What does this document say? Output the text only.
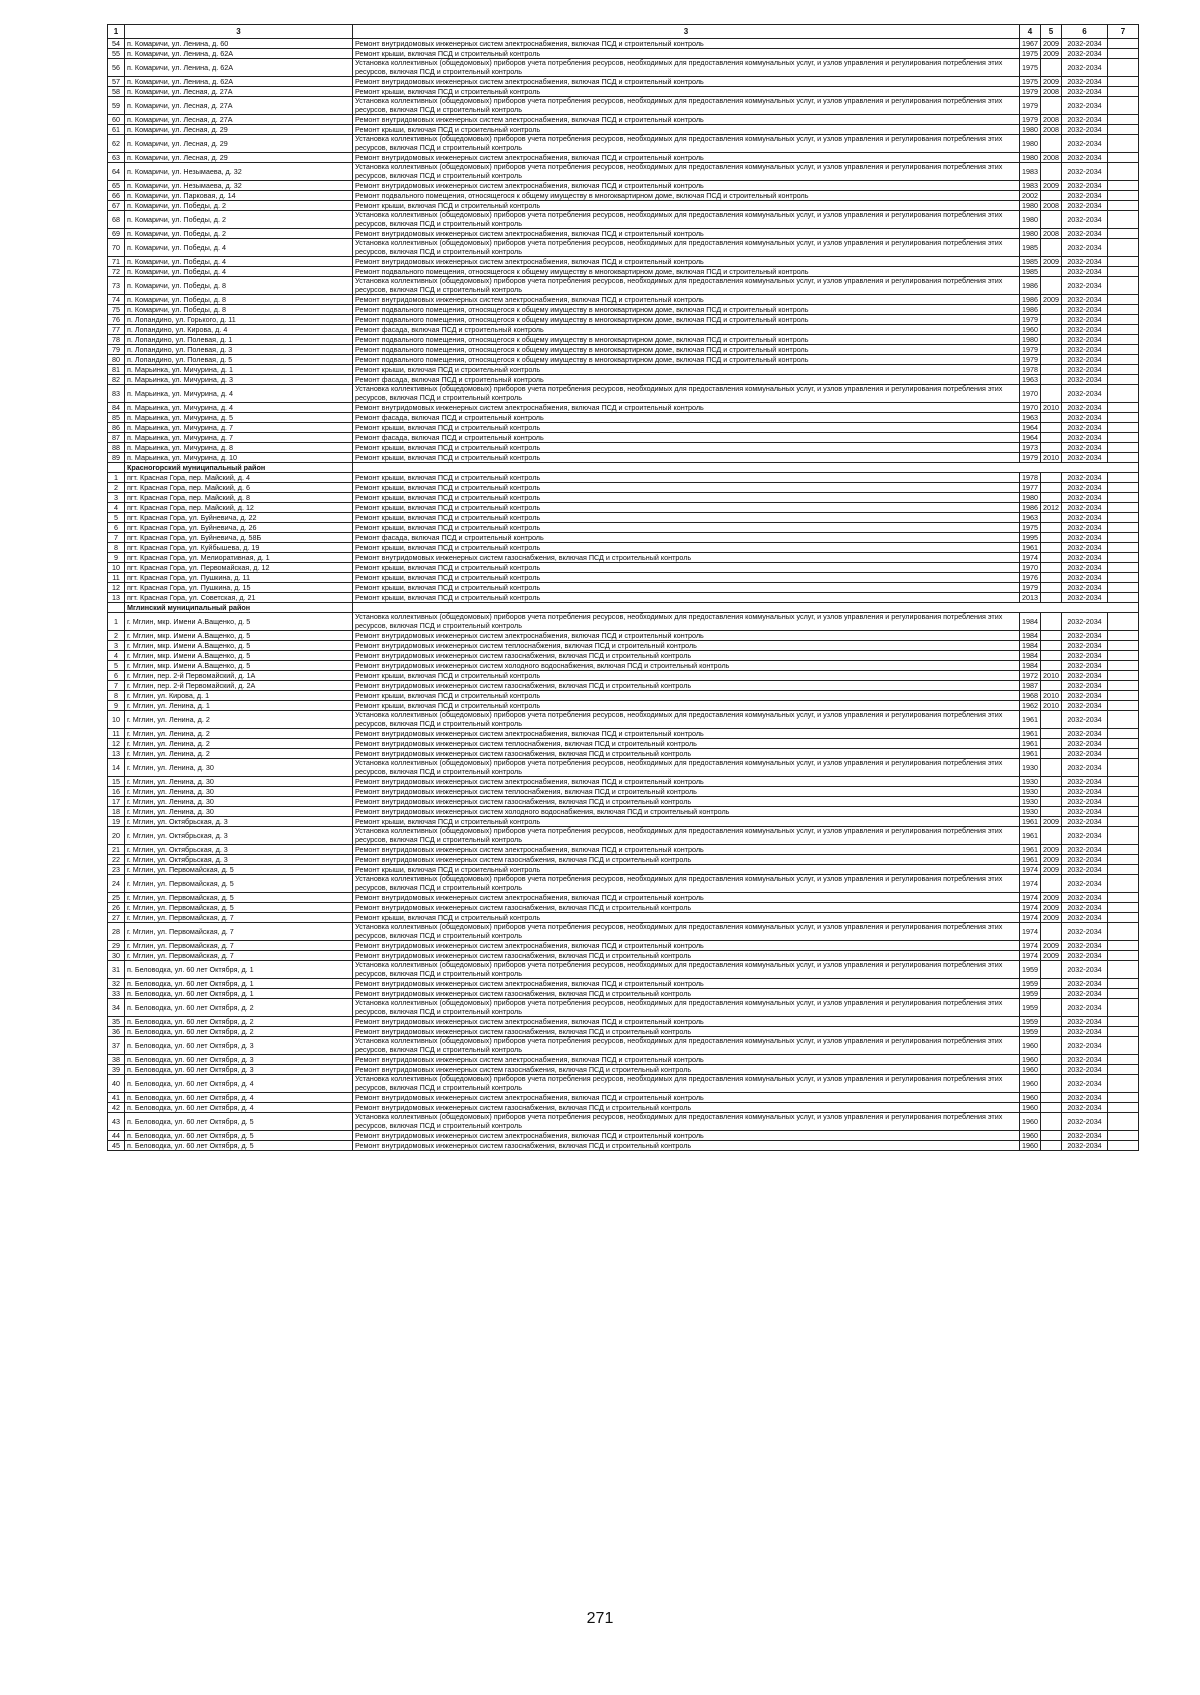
1	3	3	4	5	6	7
54	п. Комаричи, ул. Ленина, д. 60	Ремонт внутридомовых инженерных систем электроснабжения, включая ПСД и строительный контроль	1967	2009	2032-2034	
55	п. Комаричи, ул. Ленина, д. 62А	Ремонт крыши, включая ПСД и строительный контроль	1975	2009	2032-2034	
56	п. Комаричи, ул. Ленина, д. 62А	Установка коллективных (общедомовых) приборов учета потребления ресурсов, необходимых для предоставления коммунальных услуг, и узлов управления и регулирования потребления этих ресурсов, включая ПСД и строительный контроль	1975		2032-2034	
57	п. Комаричи, ул. Ленина, д. 62А	Ремонт внутридомовых инженерных систем электроснабжения, включая ПСД и строительный контроль	1975	2009	2032-2034	
58	п. Комаричи, ул. Лесная, д. 27А	Ремонт крыши, включая ПСД и строительный контроль	1979	2008	2032-2034	
59	п. Комаричи, ул. Лесная, д. 27А	Установка коллективных (общедомовых) приборов учета потребления ресурсов, необходимых для предоставления коммунальных услуг, и узлов управления и регулирования потребления этих ресурсов, включая ПСД и строительный контроль	1979		2032-2034	
60	п. Комаричи, ул. Лесная, д. 27А	Ремонт внутридомовых инженерных систем электроснабжения, включая ПСД и строительный контроль	1979	2008	2032-2034	
61	п. Комаричи, ул. Лесная, д. 29	Ремонт крыши, включая ПСД и строительный контроль	1980	2008	2032-2034	
62	п. Комаричи, ул. Лесная, д. 29	Установка коллективных (общедомовых) приборов учета потребления ресурсов, необходимых для предоставления коммунальных услуг, и узлов управления и регулирования потребления этих ресурсов, включая ПСД и строительный контроль	1980		2032-2034	
63	п. Комаричи, ул. Лесная, д. 29	Ремонт внутридомовых инженерных систем электроснабжения, включая ПСД и строительный контроль	1980	2008	2032-2034	
64	п. Комаричи, ул. Незымаева, д. 32	Установка коллективных (общедомовых) приборов учета потребления ресурсов, необходимых для предоставления коммунальных услуг, и узлов управления и регулирования потребления этих ресурсов, включая ПСД и строительный контроль	1983		2032-2034	
65	п. Комаричи, ул. Незымаева, д. 32	Ремонт внутридомовых инженерных систем электроснабжения, включая ПСД и строительный контроль	1983	2009	2032-2034	
66	п. Комаричи, ул. Парковая, д. 14	Ремонт подвального помещения, относящегося к общему имуществу в многоквартирном доме, включая ПСД и строительный контроль	2002		2032-2034	
67	п. Комаричи, ул. Победы, д. 2	Ремонт крыши, включая ПСД и строительный контроль	1980	2008	2032-2034	
68	п. Комаричи, ул. Победы, д. 2	Установка коллективных (общедомовых) приборов учета потребления ресурсов, необходимых для предоставления коммунальных услуг, и узлов управления и регулирования потребления этих ресурсов, включая ПСД и строительный контроль	1980		2032-2034	
69	п. Комаричи, ул. Победы, д. 2	Ремонт внутридомовых инженерных систем электроснабжения, включая ПСД и строительный контроль	1980	2008	2032-2034	
70	п. Комаричи, ул. Победы, д. 4	Установка коллективных (общедомовых) приборов учета потребления ресурсов, необходимых для предоставления коммунальных услуг, и узлов управления и регулирования потребления этих ресурсов, включая ПСД и строительный контроль	1985		2032-2034	
71	п. Комаричи, ул. Победы, д. 4	Ремонт внутридомовых инженерных систем электроснабжения, включая ПСД и строительный контроль	1985	2009	2032-2034	
72	п. Комаричи, ул. Победы, д. 4	Ремонт подвального помещения, относящегося к общему имуществу в многоквартирном доме, включая ПСД и строительный контроль	1985		2032-2034	
73	п. Комаричи, ул. Победы, д. 8	Установка коллективных (общедомовых) приборов учета потребления ресурсов, необходимых для предоставления коммунальных услуг, и узлов управления и регулирования потребления этих ресурсов, включая ПСД и строительный контроль	1986		2032-2034	
74	п. Комаричи, ул. Победы, д. 8	Ремонт внутридомовых инженерных систем электроснабжения, включая ПСД и строительный контроль	1986	2009	2032-2034	
75	п. Комаричи, ул. Победы, д. 8	Ремонт подвального помещения, относящегося к общему имуществу в многоквартирном доме, включая ПСД и строительный контроль	1986		2032-2034	
76	п. Лопандино, ул. Горького, д. 11	Ремонт подвального помещения, относящегося к общему имуществу в многоквартирном доме, включая ПСД и строительный контроль	1979		2032-2034	
77	п. Лопандино, ул. Кирова, д. 4	Ремонт фасада, включая ПСД и строительный контроль	1960		2032-2034	
78	п. Лопандино, ул. Полевая, д. 1	Ремонт подвального помещения, относящегося к общему имуществу в многоквартирном доме, включая ПСД и строительный контроль	1980		2032-2034	
79	п. Лопандино, ул. Полевая, д. 3	Ремонт подвального помещения, относящегося к общему имуществу в многоквартирном доме, включая ПСД и строительный контроль	1979		2032-2034	
80	п. Лопандино, ул. Полевая, д. 5	Ремонт подвального помещения, относящегося к общему имуществу в многоквартирном доме, включая ПСД и строительный контроль	1979		2032-2034	
81	п. Марьинка, ул. Мичурина, д. 1	Ремонт крыши, включая ПСД и строительный контроль	1978		2032-2034	
82	п. Марьинка, ул. Мичурина, д. 3	Ремонт фасада, включая ПСД и строительный контроль	1963		2032-2034	
83	п. Марьинка, ул. Мичурина, д. 4	Установка коллективных (общедомовых) приборов учета потребления ресурсов, необходимых для предоставления коммунальных услуг, и узлов управления и регулирования потребления этих ресурсов, включая ПСД и строительный контроль	1970		2032-2034	
84	п. Марьинка, ул. Мичурина, д. 4	Ремонт внутридомовых инженерных систем электроснабжения, включая ПСД и строительный контроль	1970	2010	2032-2034	
85	п. Марьинка, ул. Мичурина, д. 5	Ремонт фасада, включая ПСД и строительный контроль	1963		2032-2034	
86	п. Марьинка, ул. Мичурина, д. 7	Ремонт крыши, включая ПСД и строительный контроль	1964		2032-2034	
87	п. Марьинка, ул. Мичурина, д. 7	Ремонт фасада, включая ПСД и строительный контроль	1964		2032-2034	
88	п. Марьинка, ул. Мичурина, д. 8	Ремонт крыши, включая ПСД и строительный контроль	1973		2032-2034	
89	п. Марьинка, ул. Мичурина, д. 10	Ремонт крыши, включая ПСД и строительный контроль	1979	2010	2032-2034	
	Красногорский муниципальный район					
1	пгт. Красная Гора, пер. Майский, д. 4	Ремонт крыши, включая ПСД и строительный контроль	1978		2032-2034	
2	пгт. Красная Гора, пер. Майский, д. 6	Ремонт крыши, включая ПСД и строительный контроль	1977		2032-2034	
3	пгт. Красная Гора, пер. Майский, д. 8	Ремонт крыши, включая ПСД и строительный контроль	1980		2032-2034	
4	пгт. Красная Гора, пер. Майский, д. 12	Ремонт крыши, включая ПСД и строительный контроль	1986	2012	2032-2034	
5	пгт. Красная Гора, ул. Буйневича, д. 22	Ремонт крыши, включая ПСД и строительный контроль	1963		2032-2034	
6	пгт. Красная Гора, ул. Буйневича, д. 26	Ремонт крыши, включая ПСД и строительный контроль	1975		2032-2034	
7	пгт. Красная Гора, ул. Буйневича, д. 58Б	Ремонт фасада, включая ПСД и строительный контроль	1995		2032-2034	
8	пгт. Красная Гора, ул. Куйбышева, д. 19	Ремонт крыши, включая ПСД и строительный контроль	1961		2032-2034	
9	пгт. Красная Гора, ул. Мелиоративная, д. 1	Ремонт внутридомовых инженерных систем газоснабжения, включая ПСД и строительный контроль	1974		2032-2034	
10	пгт. Красная Гора, ул. Первомайская, д. 12	Ремонт крыши, включая ПСД и строительный контроль	1970		2032-2034	
11	пгт. Красная Гора, ул. Пушкина, д. 11	Ремонт крыши, включая ПСД и строительный контроль	1976		2032-2034	
12	пгт. Красная Гора, ул. Пушкина, д. 15	Ремонт крыши, включая ПСД и строительный контроль	1979		2032-2034	
13	пгт. Красная Гора, ул. Советская, д. 21	Ремонт крыши, включая ПСД и строительный контроль	2013		2032-2034	
	Мглинский муниципальный район					
1	г. Мглин, мкр. Имени А.Ващенко, д. 5	Установка коллективных (общедомовых) приборов учета потребления ресурсов, необходимых для предоставления коммунальных услуг, и узлов управления и регулирования потребления этих ресурсов, включая ПСД и строительный контроль	1984		2032-2034	
2	г. Мглин, мкр. Имени А.Ващенко, д. 5	Ремонт внутридомовых инженерных систем электроснабжения, включая ПСД и строительный контроль	1984		2032-2034	
3	г. Мглин, мкр. Имени А.Ващенко, д. 5	Ремонт внутридомовых инженерных систем теплоснабжения, включая ПСД и строительный контроль	1984		2032-2034	
4	г. Мглин, мкр. Имени А.Ващенко, д. 5	Ремонт внутридомовых инженерных систем газоснабжения, включая ПСД и строительный контроль	1984		2032-2034	
5	г. Мглин, мкр. Имени А.Ващенко, д. 5	Ремонт внутридомовых инженерных систем холодного водоснабжения, включая ПСД и строительный контроль	1984		2032-2034	
6	г. Мглин, пер. 2-й Первомайский, д. 1А	Ремонт крыши, включая ПСД и строительный контроль	1972	2010	2032-2034	
7	г. Мглин, пер. 2-й Первомайский, д. 2А	Ремонт внутридомовых инженерных систем газоснабжения, включая ПСД и строительный контроль	1987		2032-2034	
8	г. Мглин, ул. Кирова, д. 1	Ремонт крыши, включая ПСД и строительный контроль	1968	2010	2032-2034	
9	г. Мглин, ул. Ленина, д. 1	Ремонт крыши, включая ПСД и строительный контроль	1962	2010	2032-2034	
10	г. Мглин, ул. Ленина, д. 2	Установка коллективных (общедомовых) приборов учета потребления ресурсов, необходимых для предоставления коммунальных услуг, и узлов управления и регулирования потребления этих ресурсов, включая ПСД и строительный контроль	1961		2032-2034	
11	г. Мглин, ул. Ленина, д. 2	Ремонт внутридомовых инженерных систем электроснабжения, включая ПСД и строительный контроль	1961		2032-2034	
12	г. Мглин, ул. Ленина, д. 2	Ремонт внутридомовых инженерных систем теплоснабжения, включая ПСД и строительный контроль	1961		2032-2034	
13	г. Мглин, ул. Ленина, д. 2	Ремонт внутридомовых инженерных систем газоснабжения, включая ПСД и строительный контроль	1961		2032-2034	
14	г. Мглин, ул. Ленина, д. 30	Установка коллективных (общедомовых) приборов учета потребления ресурсов, необходимых для предоставления коммунальных услуг, и узлов управления и регулирования потребления этих ресурсов, включая ПСД и строительный контроль	1930		2032-2034	
15	г. Мглин, ул. Ленина, д. 30	Ремонт внутридомовых инженерных систем электроснабжения, включая ПСД и строительный контроль	1930		2032-2034	
16	г. Мглин, ул. Ленина, д. 30	Ремонт внутридомовых инженерных систем теплоснабжения, включая ПСД и строительный контроль	1930		2032-2034	
17	г. Мглин, ул. Ленина, д. 30	Ремонт внутридомовых инженерных систем газоснабжения, включая ПСД и строительный контроль	1930		2032-2034	
18	г. Мглин, ул. Ленина, д. 30	Ремонт внутридомовых инженерных систем холодного водоснабжения, включая ПСД и строительный контроль	1930		2032-2034	
19	г. Мглин, ул. Октябрьская, д. 3	Ремонт крыши, включая ПСД и строительный контроль	1961	2009	2032-2034	
20	г. Мглин, ул. Октябрьская, д. 3	Установка коллективных (общедомовых) приборов учета потребления ресурсов, необходимых для предоставления коммунальных услуг, и узлов управления и регулирования потребления этих ресурсов, включая ПСД и строительный контроль	1961		2032-2034	
21	г. Мглин, ул. Октябрьская, д. 3	Ремонт внутридомовых инженерных систем электроснабжения, включая ПСД и строительный контроль	1961	2009	2032-2034	
22	г. Мглин, ул. Октябрьская, д. 3	Ремонт внутридомовых инженерных систем газоснабжения, включая ПСД и строительный контроль	1961	2009	2032-2034	
23	г. Мглин, ул. Первомайская, д. 5	Ремонт крыши, включая ПСД и строительный контроль	1974	2009	2032-2034	
24	г. Мглин, ул. Первомайская, д. 5	Установка коллективных (общедомовых) приборов учета потребления ресурсов, необходимых для предоставления коммунальных услуг, и узлов управления и регулирования потребления этих ресурсов, включая ПСД и строительный контроль	1974		2032-2034	
25	г. Мглин, ул. Первомайская, д. 5	Ремонт внутридомовых инженерных систем электроснабжения, включая ПСД и строительный контроль	1974	2009	2032-2034	
26	г. Мглин, ул. Первомайская, д. 5	Ремонт внутридомовых инженерных систем газоснабжения, включая ПСД и строительный контроль	1974	2009	2032-2034	
27	г. Мглин, ул. Первомайская, д. 7	Ремонт крыши, включая ПСД и строительный контроль	1974	2009	2032-2034	
28	г. Мглин, ул. Первомайская, д. 7	Установка коллективных (общедомовых) приборов учета потребления ресурсов, необходимых для предоставления коммунальных услуг, и узлов управления и регулирования потребления этих ресурсов, включая ПСД и строительный контроль	1974		2032-2034	
29	г. Мглин, ул. Первомайская, д. 7	Ремонт внутридомовых инженерных систем электроснабжения, включая ПСД и строительный контроль	1974	2009	2032-2034	
30	г. Мглин, ул. Первомайская, д. 7	Ремонт внутридомовых инженерных систем газоснабжения, включая ПСД и строительный контроль	1974	2009	2032-2034	
31	п. Беловодка, ул. 60 лет Октября, д. 1	Установка коллективных (общедомовых) приборов учета потребления ресурсов, необходимых для предоставления коммунальных услуг, и узлов управления и регулирования потребления этих ресурсов, включая ПСД и строительный контроль	1959		2032-2034	
32	п. Беловодка, ул. 60 лет Октября, д. 1	Ремонт внутридомовых инженерных систем электроснабжения, включая ПСД и строительный контроль	1959		2032-2034	
33	п. Беловодка, ул. 60 лет Октября, д. 1	Ремонт внутридомовых инженерных систем газоснабжения, включая ПСД и строительный контроль	1959		2032-2034	
34	п. Беловодка, ул. 60 лет Октября, д. 2	Установка коллективных (общедомовых) приборов учета потребления ресурсов, необходимых для предоставления коммунальных услуг, и узлов управления и регулирования потребления этих ресурсов, включая ПСД и строительный контроль	1959		2032-2034	
35	п. Беловодка, ул. 60 лет Октября, д. 2	Ремонт внутридомовых инженерных систем электроснабжения, включая ПСД и строительный контроль	1959		2032-2034	
36	п. Беловодка, ул. 60 лет Октября, д. 2	Ремонт внутридомовых инженерных систем газоснабжения, включая ПСД и строительный контроль	1959		2032-2034	
37	п. Беловодка, ул. 60 лет Октября, д. 3	Установка коллективных (общедомовых) приборов учета потребления ресурсов, необходимых для предоставления коммунальных услуг, и узлов управления и регулирования потребления этих ресурсов, включая ПСД и строительный контроль	1960		2032-2034	
38	п. Беловодка, ул. 60 лет Октября, д. 3	Ремонт внутридомовых инженерных систем электроснабжения, включая ПСД и строительный контроль	1960		2032-2034	
39	п. Беловодка, ул. 60 лет Октября, д. 3	Ремонт внутридомовых инженерных систем газоснабжения, включая ПСД и строительный контроль	1960		2032-2034	
40	п. Беловодка, ул. 60 лет Октября, д. 4	Установка коллективных (общедомовых) приборов учета потребления ресурсов, необходимых для предоставления коммунальных услуг, и узлов управления и регулирования потребления этих ресурсов, включая ПСД и строительный контроль	1960		2032-2034	
41	п. Беловодка, ул. 60 лет Октября, д. 4	Ремонт внутридомовых инженерных систем электроснабжения, включая ПСД и строительный контроль	1960		2032-2034	
42	п. Беловодка, ул. 60 лет Октября, д. 4	Ремонт внутридомовых инженерных систем газоснабжения, включая ПСД и строительный контроль	1960		2032-2034	
43	п. Беловодка, ул. 60 лет Октября, д. 5	Установка коллективных (общедомовых) приборов учета потребления ресурсов, необходимых для предоставления коммунальных услуг, и узлов управления и регулирования потребления этих ресурсов, включая ПСД и строительный контроль	1960		2032-2034	
44	п. Беловодка, ул. 60 лет Октября, д. 5	Ремонт внутридомовых инженерных систем электроснабжения, включая ПСД и строительный контроль	1960		2032-2034	
45	п. Беловодка, ул. 60 лет Октября, д. 5	Ремонт внутридомовых инженерных систем газоснабжения, включая ПСД и строительный контроль	1960		2032-2034	
271
